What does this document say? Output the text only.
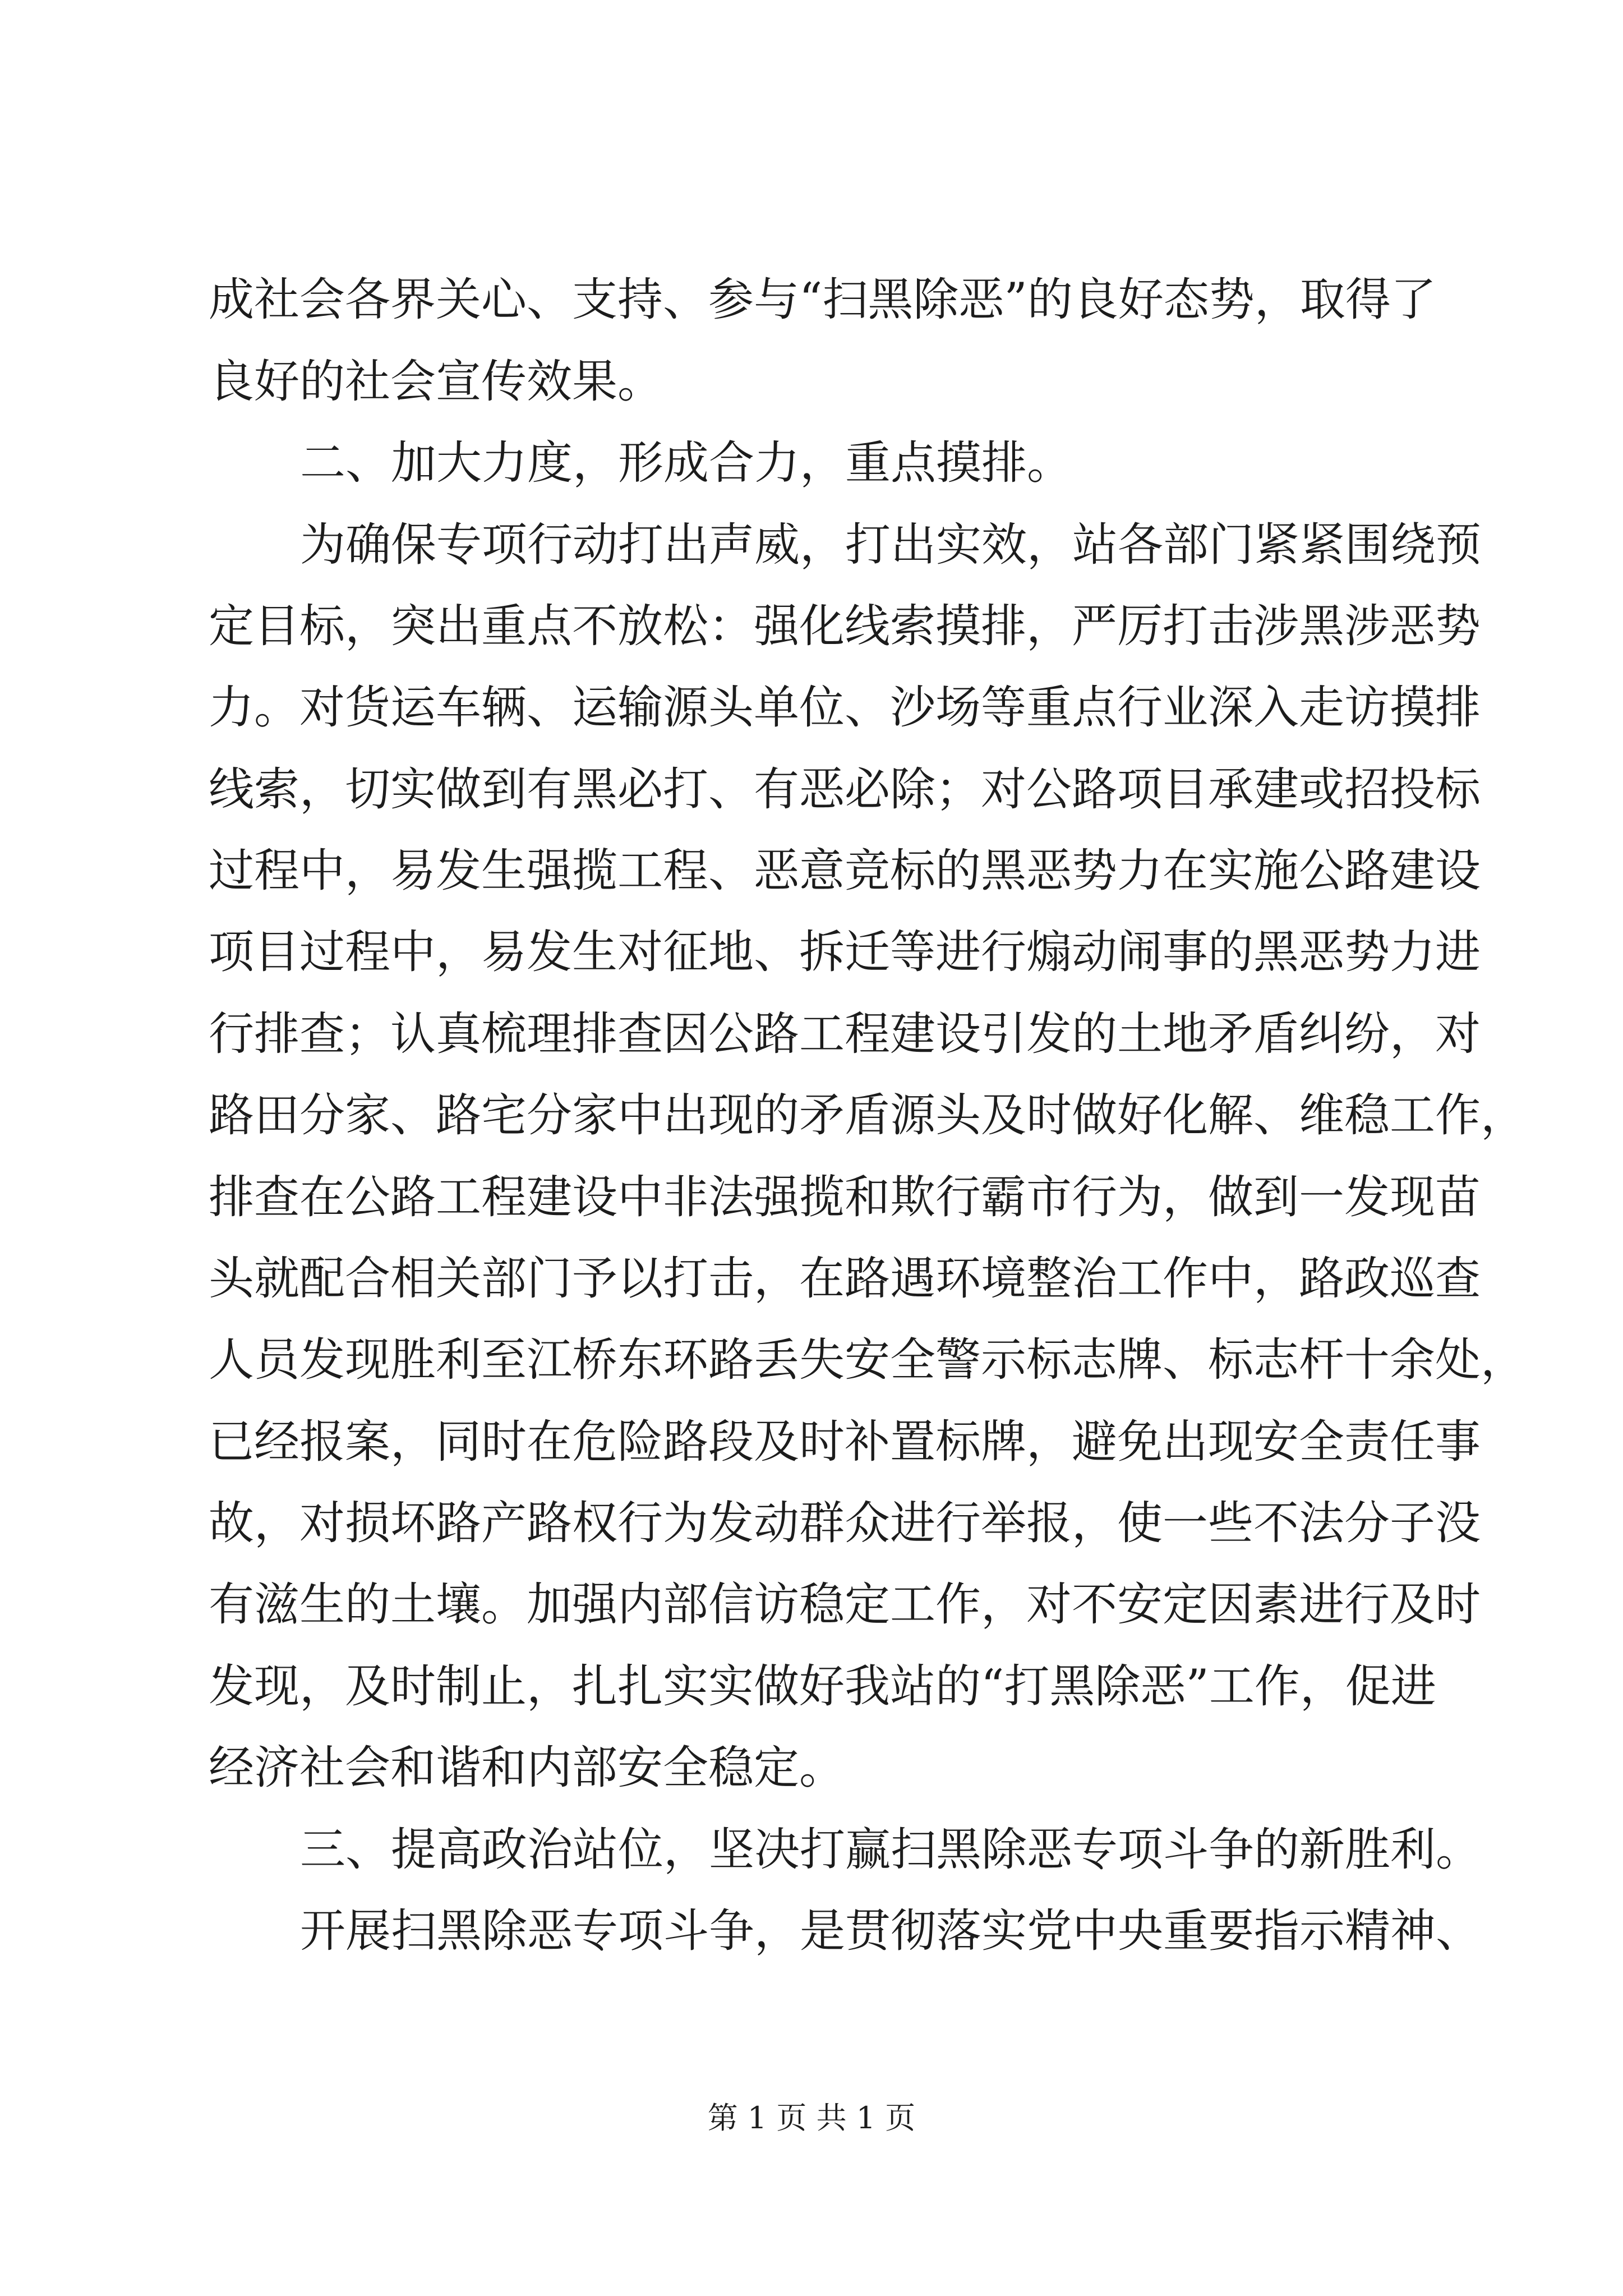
成社会各界关心、支持、参与“扫黑除恶”的良好态势，取得了
良好的社会宣传效果。
二、加大力度，形成合力，重点摸排。
为确保专项行动打出声威，打出实效，站各部门紧紧围绕预
定目标，突出重点不放松：强化线索摸排，严厉打击涉黑涉恶势
力。对货运车辆、运输源头单位、沙场等重点行业深入走访摸排
线索，切实做到有黑必打、有恶必除；对公路项目承建或招投标
过程中，易发生强揽工程、恶意竞标的黑恶势力在实施公路建设
项目过程中，易发生对征地、拆迁等进行煽动闹事的黑恶势力进
行排查；认真梳理排查因公路工程建设引发的土地矛盾纠纷，对
路田分家、路宅分家中出现的矛盾源头及时做好化解、维稳工作，
排查在公路工程建设中非法强揽和欺行霸市行为，做到一发现苗
头就配合相关部门予以打击，在路遇环境整治工作中，路政巡查
人员发现胜利至江桥东环路丢失安全警示标志牌、标志杆十余处，
已经报案，同时在危险路段及时补置标牌，避免出现安全责任事
故，对损坏路产路权行为发动群众进行举报，使一些不法分子没
有滋生的土壤。加强内部信访稳定工作，对不安定因素进行及时
发现，及时制止，扎扎实实做好我站的“打黑除恶”工作，促进
经济社会和谐和内部安全稳定。
三、提高政治站位，坚决打赢扫黑除恶专项斗争的新胜利。
开展扫黑除恶专项斗争，是贯彻落实党中央重要指示精神、
第 1 页 共 1 页
